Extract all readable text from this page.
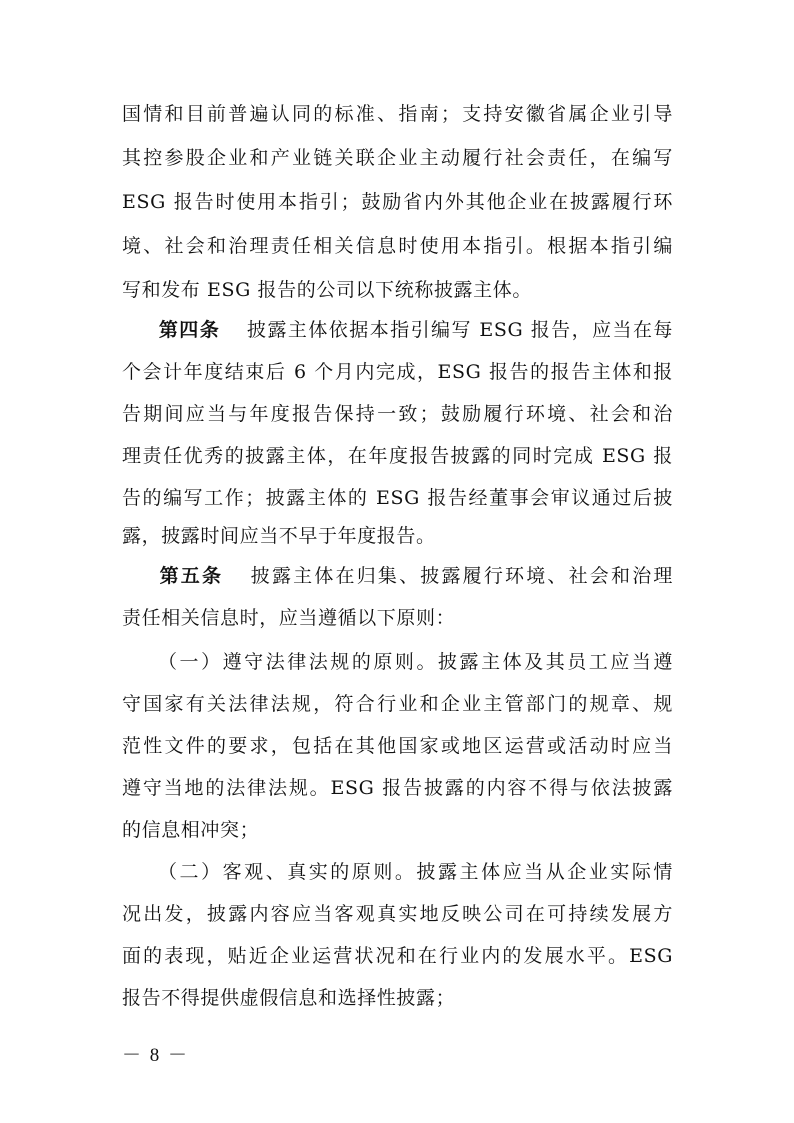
国情和目前普遍认同的标准、指南；支持安徽省属企业引导
其控参股企业和产业链关联企业主动履行社会责任，在编写
ESG 报告时使用本指引；鼓励省内外其他企业在披露履行环
境、社会和治理责任相关信息时使用本指引。根据本指引编
写和发布 ESG 报告的公司以下统称披露主体。
第四条 披露主体依据本指引编写 ESG 报告，应当在每
个会计年度结束后 6 个月内完成，ESG 报告的报告主体和报
告期间应当与年度报告保持一致；鼓励履行环境、社会和治
理责任优秀的披露主体，在年度报告披露的同时完成 ESG 报
告的编写工作；披露主体的 ESG 报告经董事会审议通过后披
露，披露时间应当不早于年度报告。
第五条 披露主体在归集、披露履行环境、社会和治理
责任相关信息时，应当遵循以下原则：
（一）遵守法律法规的原则。披露主体及其员工应当遵
守国家有关法律法规，符合行业和企业主管部门的规章、规
范性文件的要求，包括在其他国家或地区运营或活动时应当
遵守当地的法律法规。ESG 报告披露的内容不得与依法披露
的信息相冲突；
（二）客观、真实的原则。披露主体应当从企业实际情
况出发，披露内容应当客观真实地反映公司在可持续发展方
面的表现，贴近企业运营状况和在行业内的发展水平。ESG
报告不得提供虚假信息和选择性披露；
－ 8 －
